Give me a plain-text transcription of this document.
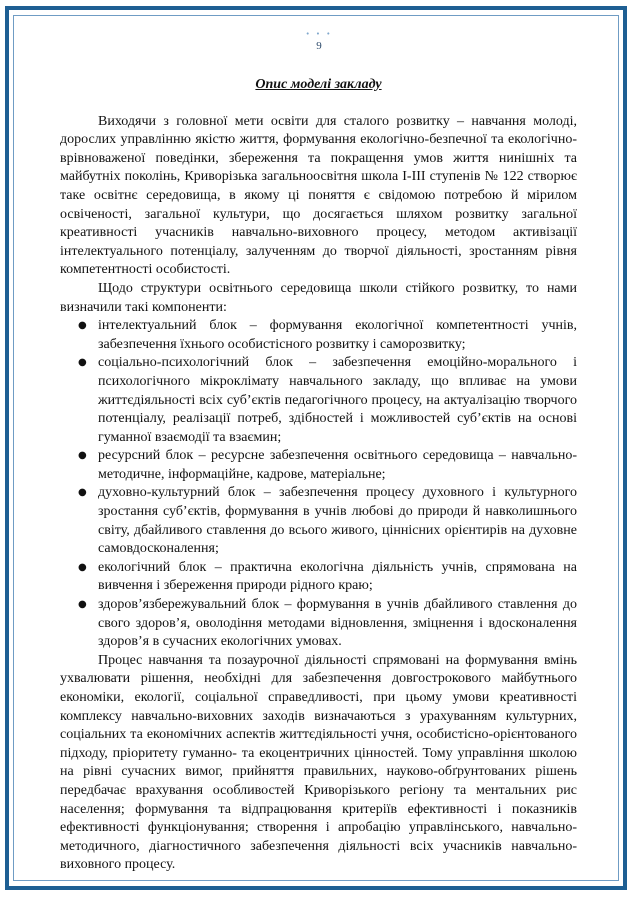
• • •
9

Опис моделі закладу

Виходячи з головної мети освіти для сталого розвитку – навчання молоді, дорослих управлінню якістю життя, формування екологічно-безпечної та екологічно-врівноваженої поведінки, збереження та покращення умов життя нинішніх та майбутніх поколінь, Криворізька загальноосвітня школа І-ІІІ ступенів № 122 створює таке освітнє середовища, в якому ці поняття є свідомою потребою й мірилом освіченості, загальної культури, що досягається шляхом розвитку загальної креативності учасників навчально-виховного процесу, методом активізації інтелектуального потенціалу, залученням до творчої діяльності, зростанням рівня компетентності особистості.

Щодо структури освітнього середовища школи стійкого розвитку, то нами визначили такі компоненти:

● інтелектуальний блок – формування екологічної компетентності учнів, забезпечення їхнього особистісного розвитку і саморозвитку;
● соціально-психологічний блок – забезпечення емоційно-морального і психологічного мікроклімату навчального закладу, що впливає на умови життєдіяльності всіх суб’єктів педагогічного процесу, на актуалізацію творчого потенціалу, реалізації потреб, здібностей і можливостей суб’єктів на основі гуманної взаємодії та взаємин;
● ресурсний блок – ресурсне забезпечення освітнього середовища – навчально-методичне, інформаційне, кадрове, матеріальне;
● духовно-культурний блок – забезпечення процесу духовного і культурного зростання суб’єктів, формування в учнів любові до природи й навколишнього світу, дбайливого ставлення до всього живого, ціннісних орієнтирів на духовне самовдосконалення;
● екологічний блок – практична екологічна діяльність учнів, спрямована на вивчення і збереження природи рідного краю;
● здоров’язбережувальний блок – формування в учнів дбайливого ставлення до свого здоров’я, оволодіння методами відновлення, зміцнення і вдосконалення здоров’я в сучасних екологічних умовах.

Процес навчання та позаурочної діяльності спрямовані на формування вмінь ухвалювати рішення, необхідні для забезпечення довгострокового майбутнього економіки, екології, соціальної справедливості, при цьому умови креативності комплексу навчально-виховних заходів визначаються з урахуванням культурних, соціальних та економічних аспектів життєдіяльності учня, особистісно-орієнтованого підходу, пріоритету гуманно- та екоцентричних цінностей. Тому управління школою на рівні сучасних вимог, прийняття правильних, науково-обґрунтованих рішень передбачає врахування особливостей Криворізького регіону та ментальних рис населення; формування та відпрацювання критеріїв ефективності і показників ефективності функціонування; створення і апробацію управлінського, навчально-методичного, діагностичного забезпечення діяльності всіх учасників навчально-виховного процесу.
